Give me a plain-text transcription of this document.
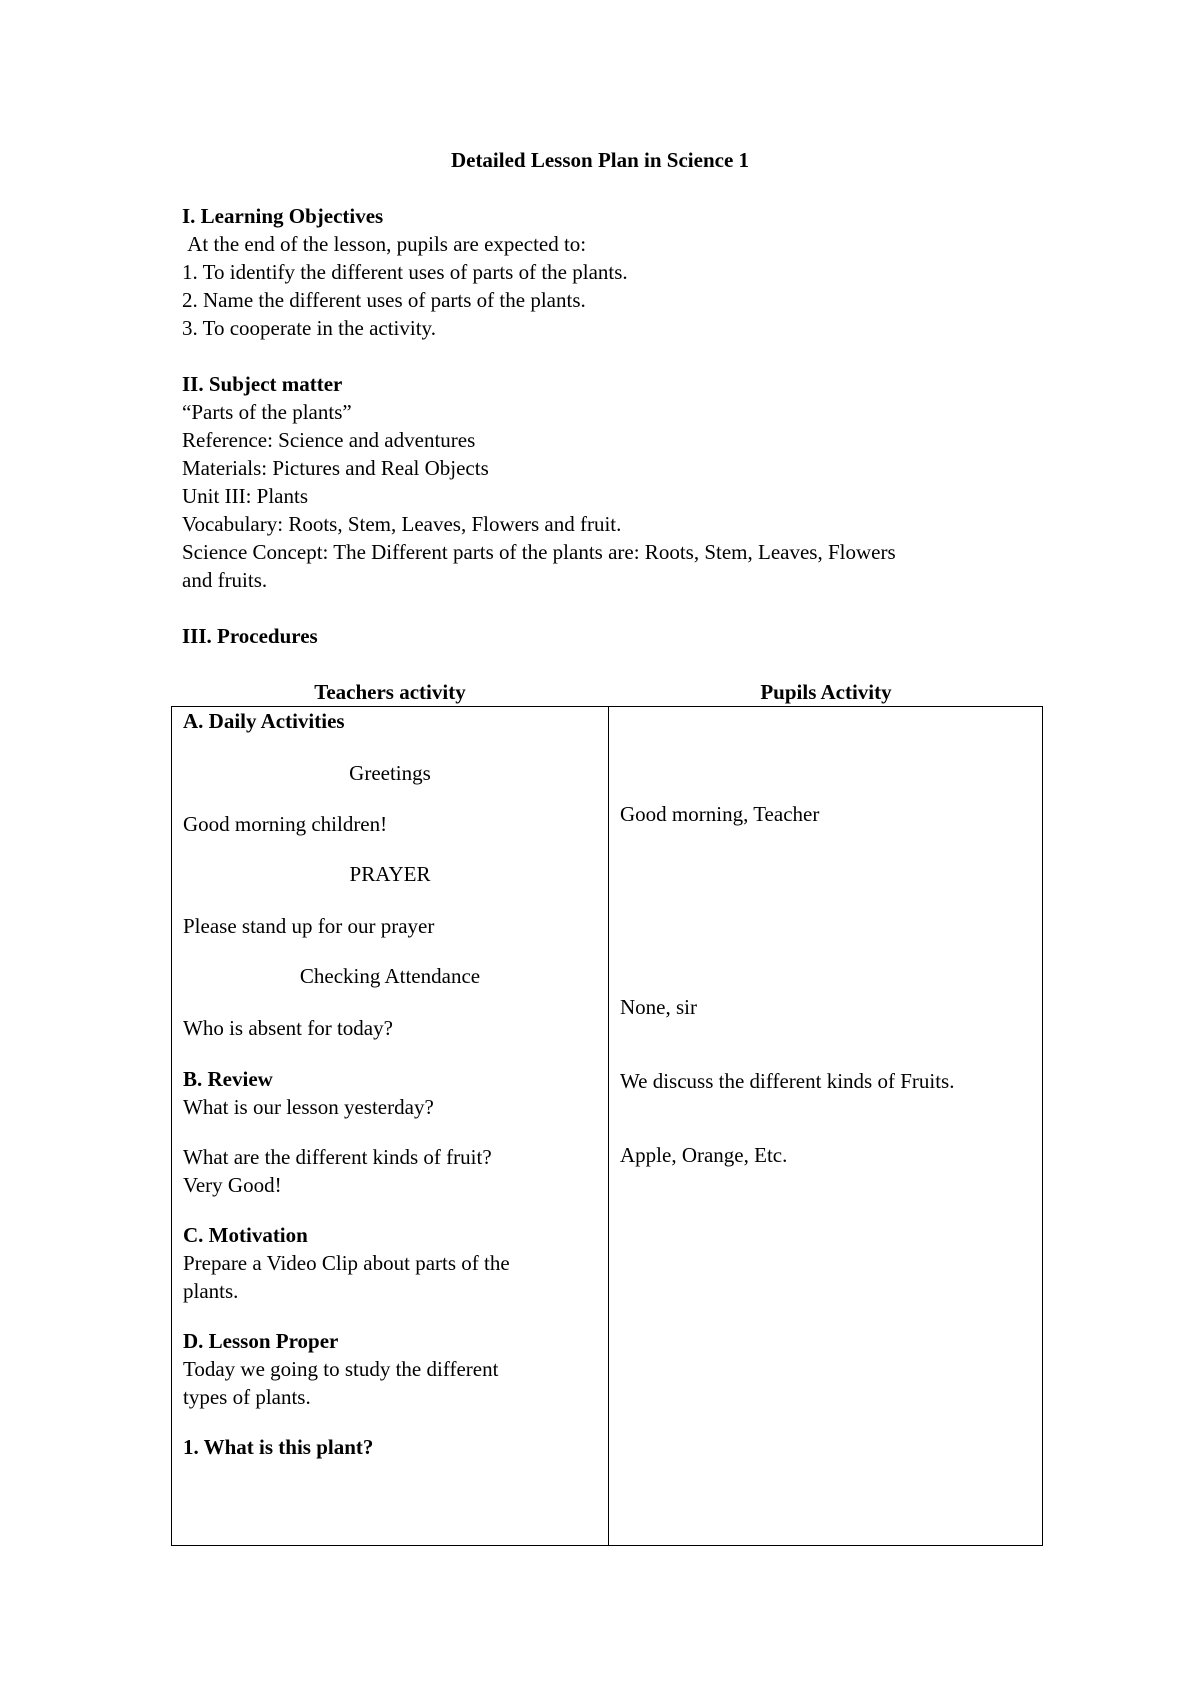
Detailed Lesson Plan in Science 1
I. Learning Objectives
At the end of the lesson, pupils are expected to:
1. To identify the different uses of parts of the plants.
2. Name the different uses of parts of the plants.
3. To cooperate in the activity.
II. Subject matter
“Parts of the plants”
Reference: Science and adventures
Materials: Pictures and Real Objects
Unit III: Plants
Vocabulary: Roots, Stem, Leaves, Flowers and fruit.
Science Concept: The Different parts of the plants are: Roots, Stem, Leaves, Flowers
and fruits.
III. Procedures
Teachers activity	Pupils Activity
A. Daily Activities
Greetings
Good morning children!
PRAYER
Please stand up for our prayer
Checking Attendance
Who is absent for today?
B. Review
What is our lesson yesterday?
What are the different kinds of fruit?
Very Good!
C. Motivation
Prepare a Video Clip about parts of the
plants.
D. Lesson Proper
Today we going to study the different
types of plants.
1. What is this plant?
Good morning, Teacher
None, sir
We discuss the different kinds of Fruits.
Apple, Orange, Etc.
